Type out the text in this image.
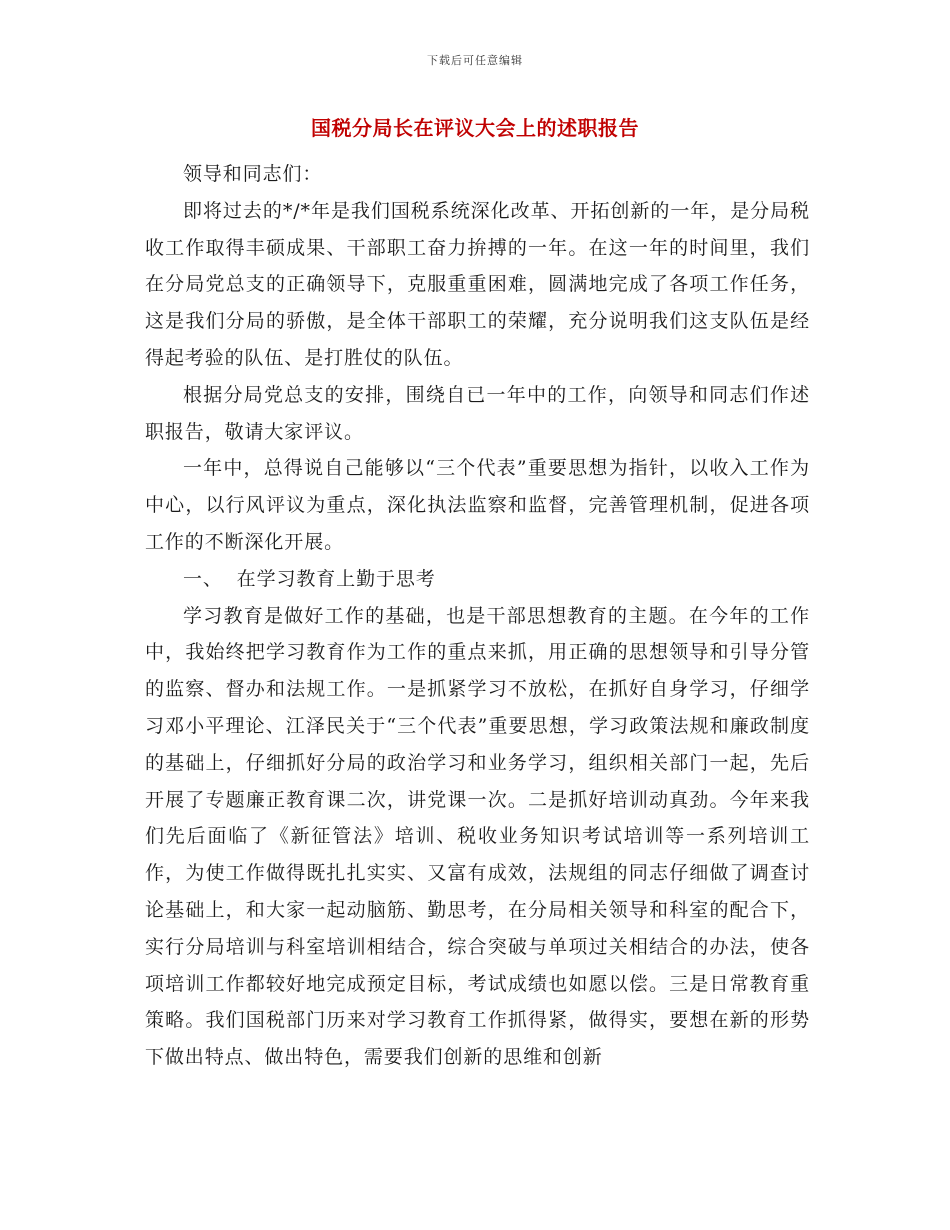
下载后可任意编辑
国税分局长在评议大会上的述职报告

领导和同志们：

即将过去的*/*年是我们国税系统深化改革、开拓创新的一年，是分局税收工作取得丰硕成果、干部职工奋力拚搏的一年。在这一年的时间里，我们在分局党总支的正确领导下，克服重重困难，圆满地完成了各项工作任务，这是我们分局的骄傲，是全体干部职工的荣耀，充分说明我们这支队伍是经得起考验的队伍、是打胜仗的队伍。

根据分局党总支的安排，围绕自已一年中的工作，向领导和同志们作述职报告，敬请大家评议。

一年中，总得说自己能够以“三个代表”重要思想为指针，以收入工作为中心，以行风评议为重点，深化执法监察和监督，完善管理机制，促进各项工作的不断深化开展。

一、  在学习教育上勤于思考

学习教育是做好工作的基础，也是干部思想教育的主题。在今年的工作中，我始终把学习教育作为工作的重点来抓，用正确的思想领导和引导分管的监察、督办和法规工作。一是抓紧学习不放松，在抓好自身学习，仔细学习邓小平理论、江泽民关于“三个代表”重要思想，学习政策法规和廉政制度的基础上，仔细抓好分局的政治学习和业务学习，组织相关部门一起，先后开展了专题廉正教育课二次，讲党课一次。二是抓好培训动真劲。今年来我们先后面临了《新征管法》培训、税收业务知识考试培训等一系列培训工作，为使工作做得既扎扎实实、又富有成效，法规组的同志仔细做了调查讨论基础上，和大家一起动脑筋、勤思考，在分局相关领导和科室的配合下，实行分局培训与科室培训相结合，综合突破与单项过关相结合的办法，使各项培训工作都较好地完成预定目标，考试成绩也如愿以偿。三是日常教育重策略。我们国税部门历来对学习教育工作抓得紧，做得实，要想在新的形势下做出特点、做出特色，需要我们创新的思维和创新
